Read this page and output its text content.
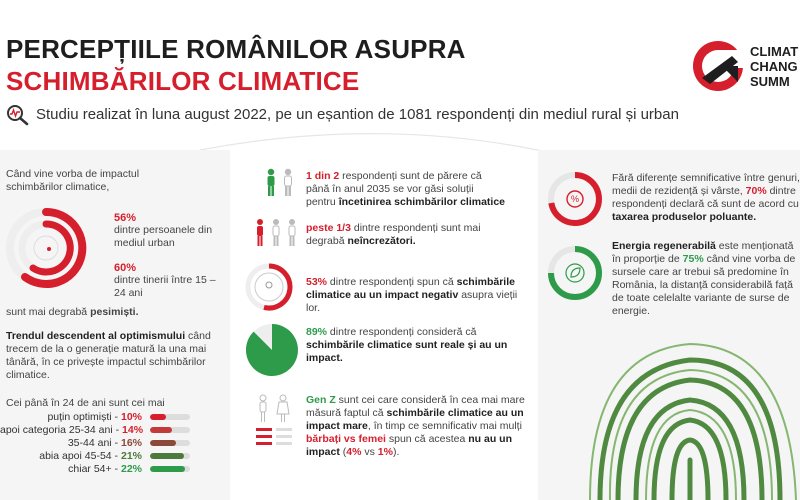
PERCEPȚIILE ROMÂNILOR ASUPRA
SCHIMBĂRILOR CLIMATICE
Studiu realizat în luna august 2022, pe un eșantion de 1081 respondenți din mediul rural și urban
CLIMAT
CHANG
SUMM
Când vine vorba de impactul schimbărilor climatice,
56%
dintre persoanele din mediul urban
60%
dintre tinerii între 15 – 24 ani
sunt mai degrabă pesimiști.
Trendul descendent al optimismului când trecem de la o generație matură la una mai tânără, în ce privește impactul schimbărilor climatice.
Cei până în 24 de ani sunt cei mai
puțin optimiști - 10%
apoi categoria 25-34 ani - 14%
35-44 ani - 16%
abia apoi 45-54 - 21%
chiar 54+ - 22%
1 din 2 respondenți sunt de părere că până în anul 2035 se vor găsi soluții pentru încetinirea schimbărilor climatice
peste 1/3 dintre respondenți sunt mai degrabă neîncrezători.
53% dintre respondenți spun că schimbările climatice au un impact negativ asupra vieții lor.
89% dintre respondenți consideră că schimbările climatice sunt reale și au un impact.
Gen Z sunt cei care consideră în cea mai mare măsură faptul că schimbările climatice au un impact mare, în timp ce semnificativ mai mulți bărbați vs femei spun că acestea nu au un impact (4% vs 1%).
%
Fără diferențe semnificative între genuri, medii de rezidență și vârste, 70% dintre respondenți declară că sunt de acord cu taxarea produselor poluante.
Energia regenerabilă este menționată în proporție de 75% când vine vorba de sursele care ar trebui să predomine în România, la distanță considerabilă față de toate celelalte variante de surse de energie.
